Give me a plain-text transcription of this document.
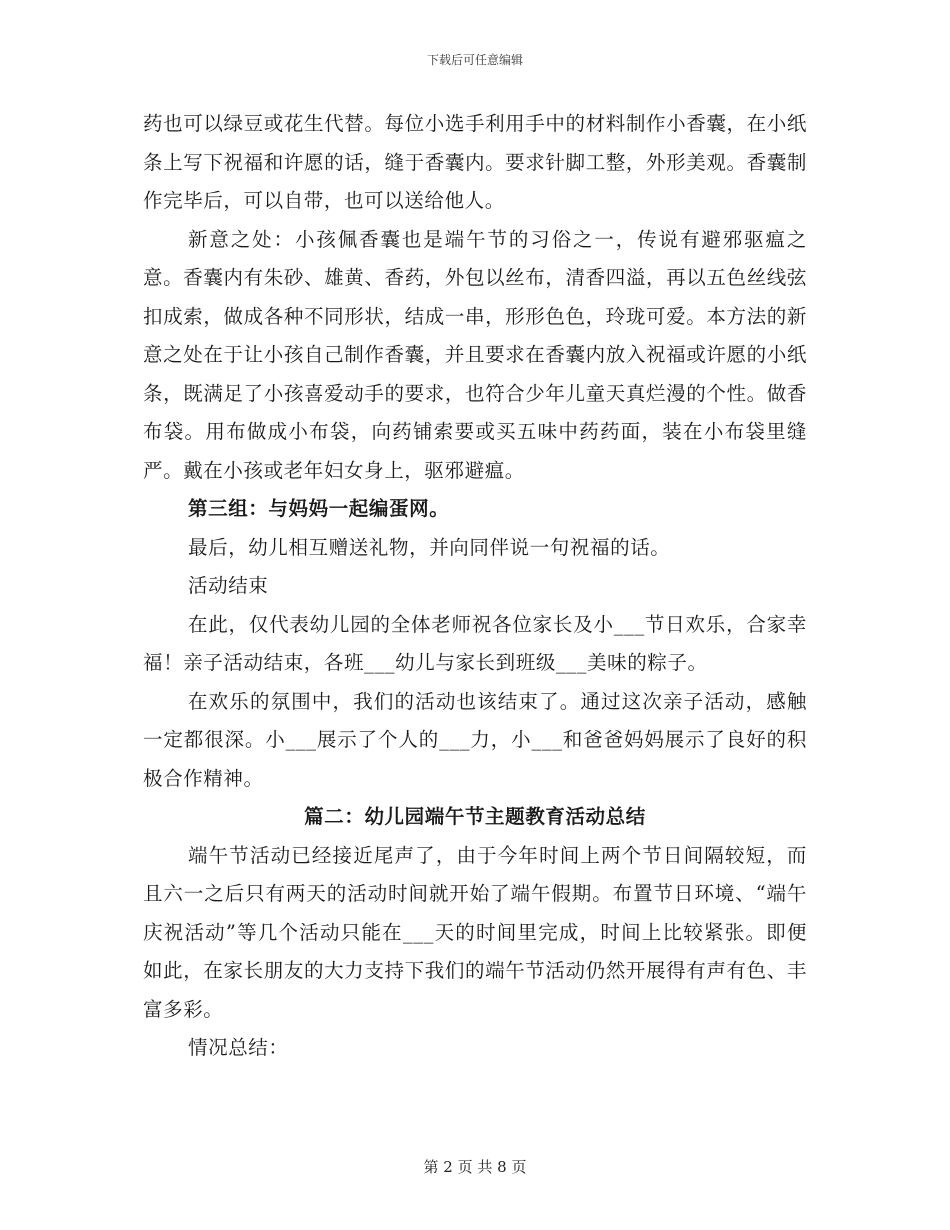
下载后可任意编辑

药也可以绿豆或花生代替。每位小选手利用手中的材料制作小香囊，在小纸条上写下祝福和许愿的话，缝于香囊内。要求针脚工整，外形美观。香囊制作完毕后，可以自带，也可以送给他人。

新意之处：小孩佩香囊也是端午节的习俗之一，传说有避邪驱瘟之意。香囊内有朱砂、雄黄、香药，外包以丝布，清香四溢，再以五色丝线弦扣成索，做成各种不同形状，结成一串，形形色色，玲珑可爱。本方法的新意之处在于让小孩自己制作香囊，并且要求在香囊内放入祝福或许愿的小纸条，既满足了小孩喜爱动手的要求，也符合少年儿童天真烂漫的个性。做香布袋。用布做成小布袋，向药铺索要或买五味中药药面，装在小布袋里缝严。戴在小孩或老年妇女身上，驱邪避瘟。

第三组：与妈妈一起编蛋网。

最后，幼儿相互赠送礼物，并向同伴说一句祝福的话。

活动结束

在此，仅代表幼儿园的全体老师祝各位家长及小___节日欢乐，合家幸福！亲子活动结束，各班___幼儿与家长到班级___美味的粽子。

在欢乐的氛围中，我们的活动也该结束了。通过这次亲子活动，感触一定都很深。小___展示了个人的___力，小___和爸爸妈妈展示了良好的积极合作精神。

篇二：幼儿园端午节主题教育活动总结

端午节活动已经接近尾声了，由于今年时间上两个节日间隔较短，而且六一之后只有两天的活动时间就开始了端午假期。布置节日环境、“端午庆祝活动”等几个活动只能在___天的时间里完成，时间上比较紧张。即便如此，在家长朋友的大力支持下我们的端午节活动仍然开展得有声有色、丰富多彩。

情况总结：

第 2 页 共 8 页
